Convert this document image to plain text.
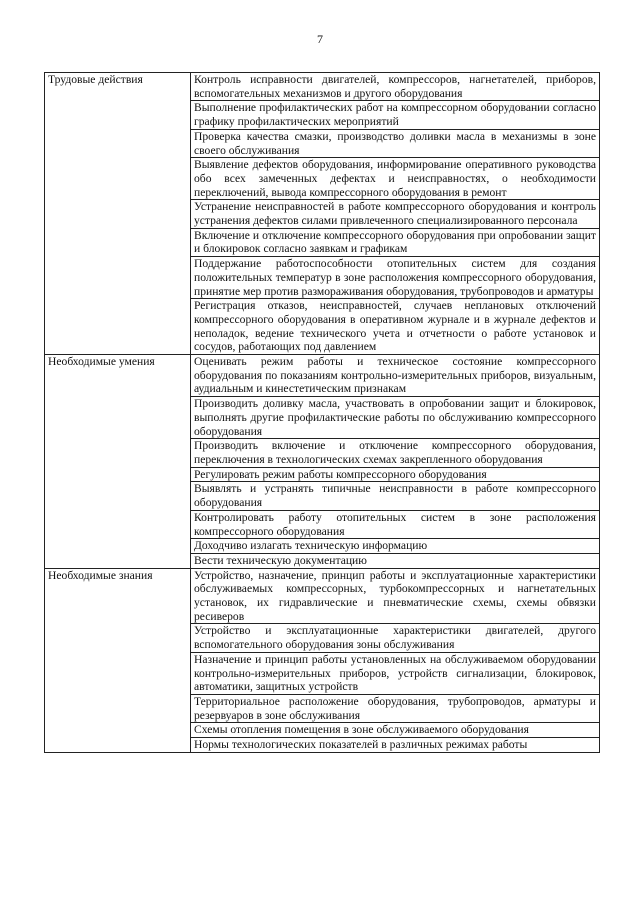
7
Трудовые действия	Контроль исправности двигателей, компрессоров, нагнетателей, приборов, вспомогательных механизмов и другого оборудования
	Выполнение профилактических работ на компрессорном оборудовании согласно графику профилактических мероприятий
	Проверка качества смазки, производство доливки масла в механизмы в зоне своего обслуживания
	Выявление дефектов оборудования, информирование оперативного руководства обо всех замеченных дефектах и неисправностях, о необходимости переключений, вывода компрессорного оборудования в ремонт
	Устранение неисправностей в работе компрессорного оборудования и контроль устранения дефектов силами привлеченного специализированного персонала
	Включение и отключение компрессорного оборудования при опробовании защит и блокировок согласно заявкам и графикам
	Поддержание работоспособности отопительных систем для создания положительных температур в зоне расположения компрессорного оборудования, принятие мер против размораживания оборудования, трубопроводов и арматуры
	Регистрация отказов, неисправностей, случаев неплановых отключений компрессорного оборудования в оперативном журнале и в журнале дефектов и неполадок, ведение технического учета и отчетности о работе установок и сосудов, работающих под давлением
Необходимые умения	Оценивать режим работы и техническое состояние компрессорного оборудования по показаниям контрольно-измерительных приборов, визуальным, аудиальным и кинестетическим признакам
	Производить доливку масла, участвовать в опробовании защит и блокировок, выполнять другие профилактические работы по обслуживанию компрессорного оборудования
	Производить включение и отключение компрессорного оборудования, переключения в технологических схемах закрепленного оборудования
	Регулировать режим работы компрессорного оборудования
	Выявлять и устранять типичные неисправности в работе компрессорного оборудования
	Контролировать работу отопительных систем в зоне расположения компрессорного оборудования
	Доходчиво излагать техническую информацию
	Вести техническую документацию
Необходимые знания	Устройство, назначение, принцип работы и эксплуатационные характеристики обслуживаемых компрессорных, турбокомпрессорных и нагнетательных установок, их гидравлические и пневматические схемы, схемы обвязки ресиверов
	Устройство и эксплуатационные характеристики двигателей, другого вспомогательного оборудования зоны обслуживания
	Назначение и принцип работы установленных на обслуживаемом оборудовании контрольно-измерительных приборов, устройств сигнализации, блокировок, автоматики, защитных устройств
	Территориальное расположение оборудования, трубопроводов, арматуры и резервуаров в зоне обслуживания
	Схемы отопления помещения в зоне обслуживаемого оборудования
	Нормы технологических показателей в различных режимах работы
